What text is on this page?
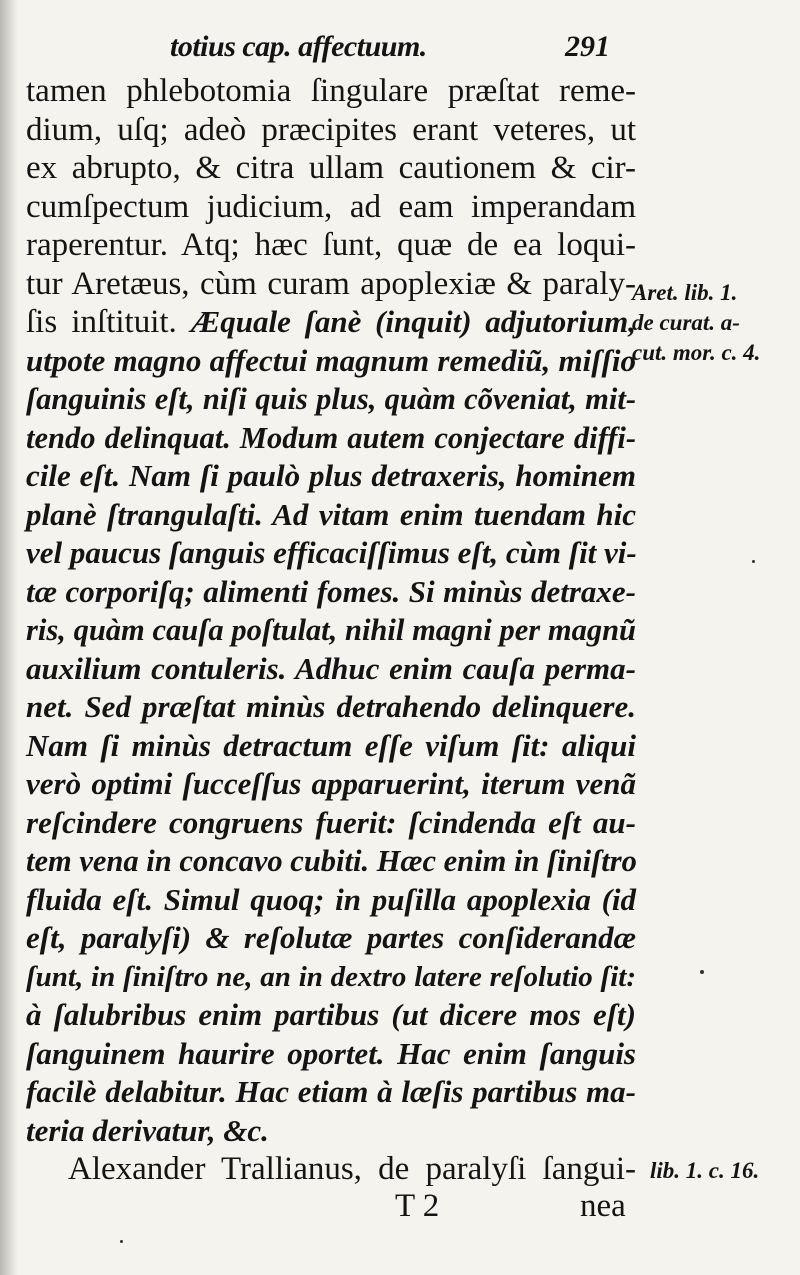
totius cap. affectuum.	291
tamen phlebotomia ſingulare præſtat reme-
dium, uſq; adeò præcipites erant veteres, ut
ex abrupto, & citra ullam cautionem & cir-
cumſpectum judicium, ad eam imperandam
raperentur. Atq; hæc ſunt, quæ de ea loqui-
tur Aretæus, cùm curam apoplexiæ & paraly-
ſis inſtituit. Æquale ſanè (inquit) adjutorium,
utpote magno affectui magnum remediũ, miſſio
ſanguinis eſt, niſi quis plus, quàm cõveniat, mit-
tendo delinquat. Modum autem conjectare diffi-
cile eſt. Nam ſi paulò plus detraxeris, hominem
planè ſtrangulaſti. Ad vitam enim tuendam hic
vel paucus ſanguis efficaciſſimus eſt, cùm ſit vi-
tæ corporiſq; alimenti fomes. Si minùs detraxe-
ris, quàm cauſa poſtulat, nihil magni per magnũ
auxilium contuleris. Adhuc enim cauſa perma-
net. Sed præſtat minùs detrahendo delinquere.
Nam ſi minùs detractum eſſe viſum ſit: aliqui
verò optimi ſucceſſus apparuerint, iterum venã
reſcindere congruens fuerit: ſcindenda eſt au-
tem vena in concavo cubiti. Hæc enim in ſiniſtro
fluida eſt. Simul quoq; in puſilla apoplexia (id
eſt, paralyſi) & reſolutæ partes conſiderandæ
ſunt, in ſiniſtro ne, an in dextro latere reſolutio ſit:
à ſalubribus enim partibus (ut dicere mos eſt)
ſanguinem haurire oportet. Hac enim ſanguis
facilè delabitur. Hac etiam à læſis partibus ma-
teria derivatur, &c.
Alexander Trallianus, de paralyſi ſangui-
Aret. lib. 1.
de curat. a-
cut. mor. c. 4.
lib. 1. c. 16.
T 2	nea
